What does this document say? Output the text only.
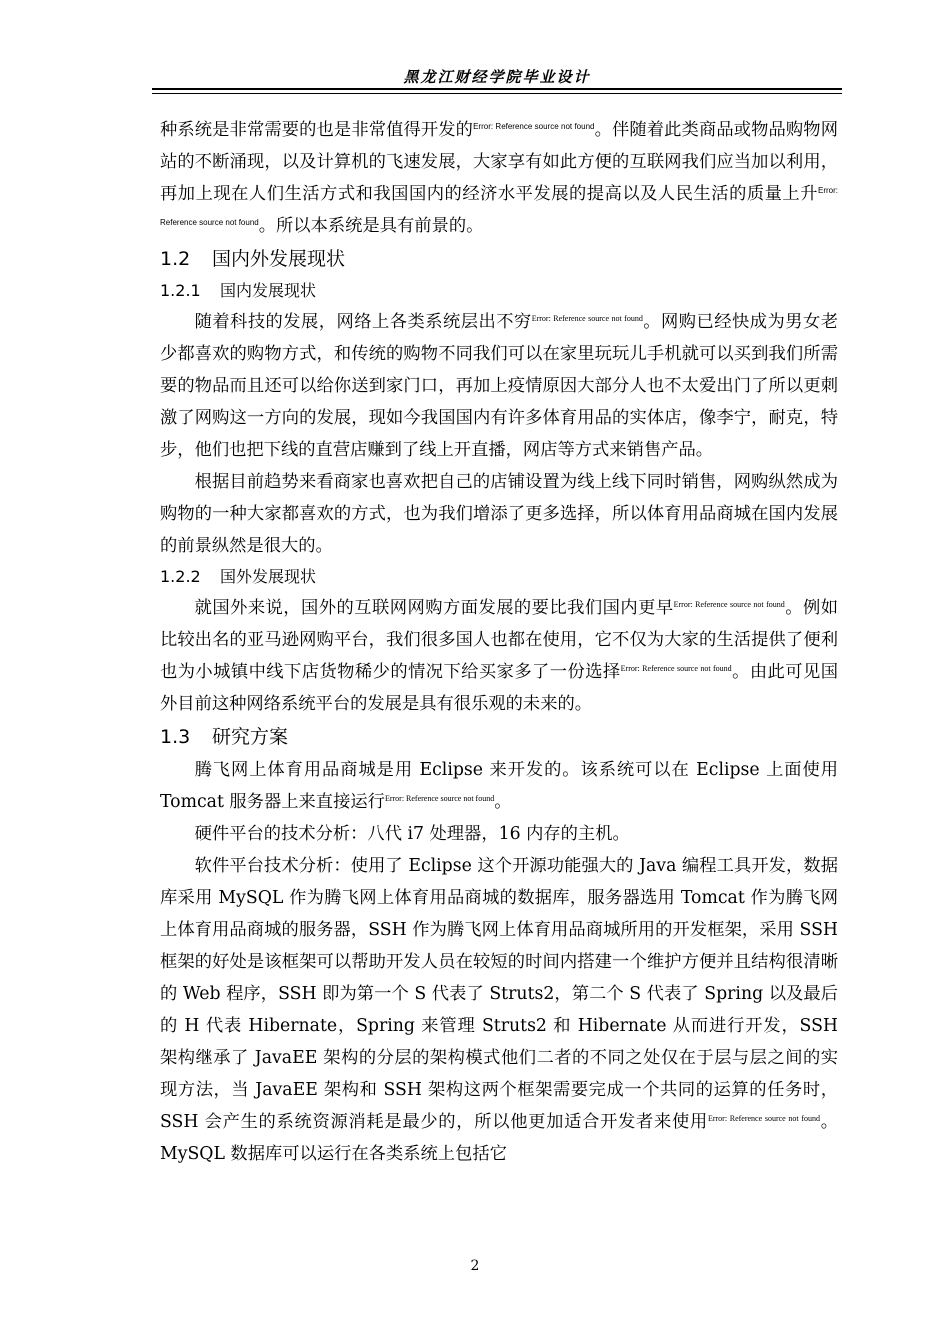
黑龙江财经学院毕业设计

种系统是非常需要的也是非常值得开发的$^{Error: Reference source not found}$。伴随着此类商品或物品购物网站的不断涌现，以及计算机的飞速发展，大家享有如此方便的互联网我们应当加以利用，再加上现在人们生活方式和我国国内的经济水平发展的提高以及人民生活的质量上升$^{Error: Reference source not found}$。所以本系统是具有前景的。

1.2 国内外发展现状
1.2.1 国内发展现状

随着科技的发展，网络上各类系统层出不穷$^{Error: Reference source not found}$。网购已经快成为男女老少都喜欢的购物方式，和传统的购物不同我们可以在家里玩玩儿手机就可以买到我们所需要的物品而且还可以给你送到家门口，再加上疫情原因大部分人也不太爱出门了所以更刺激了网购这一方向的发展，现如今我国国内有许多体育用品的实体店，像李宁，耐克，特步，他们也把下线的直营店赚到了线上开直播，网店等方式来销售产品。

根据目前趋势来看商家也喜欢把自己的店铺设置为线上线下同时销售，网购纵然成为购物的一种大家都喜欢的方式，也为我们增添了更多选择，所以体育用品商城在国内发展的前景纵然是很大的。

1.2.2 国外发展现状

就国外来说，国外的互联网网购方面发展的要比我们国内更早$^{Error: Reference source not found}$。例如比较出名的亚马逊网购平台，我们很多国人也都在使用，它不仅为大家的生活提供了便利也为小城镇中线下店货物稀少的情况下给买家多了一份选择$^{Error: Reference source not found}$。由此可见国外目前这种网络系统平台的发展是具有很乐观的未来的。

1.3 研究方案

腾飞网上体育用品商城是用 Eclipse 来开发的。该系统可以在 Eclipse 上面使用 Tomcat 服务器上来直接运行$^{Error: Reference source not found}$。

硬件平台的技术分析：八代 i7 处理器，16 内存的主机。

软件平台技术分析：使用了 Eclipse 这个开源功能强大的 Java 编程工具开发，数据库采用 MySQL 作为腾飞网上体育用品商城的数据库，服务器选用 Tomcat 作为腾飞网上体育用品商城的服务器，SSH 作为腾飞网上体育用品商城所用的开发框架，采用 SSH 框架的好处是该框架可以帮助开发人员在较短的时间内搭建一个维护方便并且结构很清晰的 Web 程序，SSH 即为第一个 S 代表了 Struts2，第二个 S 代表了 Spring 以及最后的 H 代表 Hibernate，Spring 来管理 Struts2 和 Hibernate 从而进行开发，SSH 架构继承了 JavaEE 架构的分层的架构模式他们二者的不同之处仅在于层与层之间的实现方法，当 JavaEE 架构和 SSH 架构这两个框架需要完成一个共同的运算的任务时，SSH 会产生的系统资源消耗是最少的，所以他更加适合开发者来使用$^{Error: Reference source not found}$。MySQL 数据库可以运行在各类系统上包括它

2
